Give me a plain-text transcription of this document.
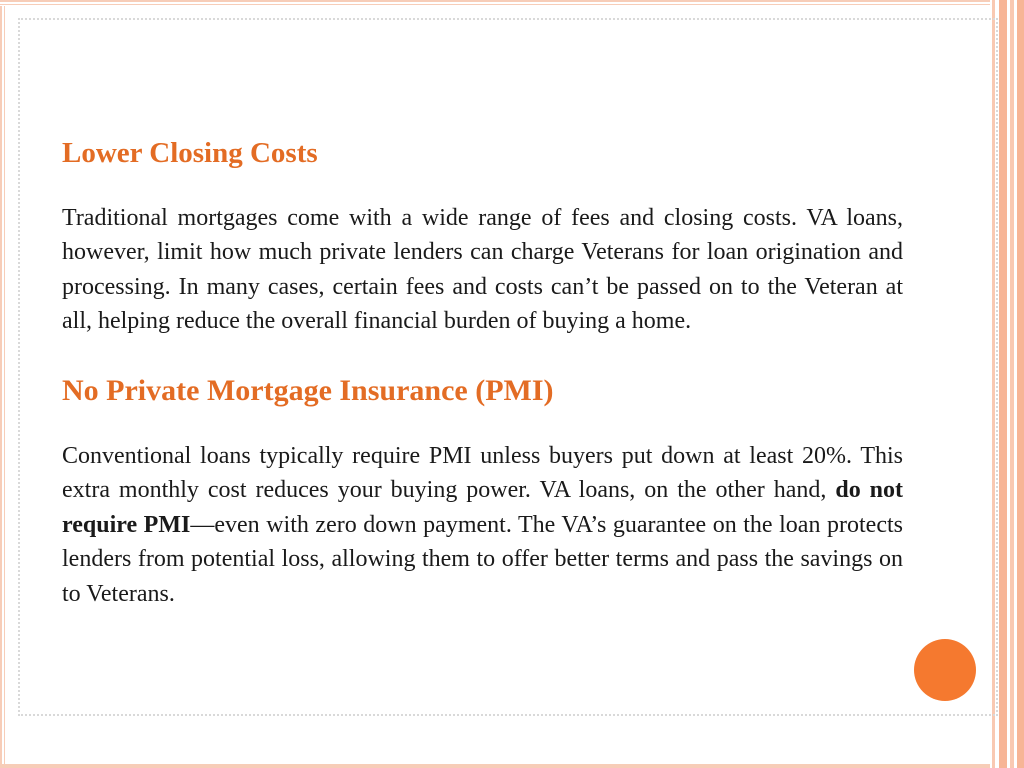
Lower Closing Costs

Traditional mortgages come with a wide range of fees and closing costs. VA loans, however, limit how much private lenders can charge Veterans for loan origination and processing. In many cases, certain fees and costs can’t be passed on to the Veteran at all, helping reduce the overall financial burden of buying a home.

No Private Mortgage Insurance (PMI)

Conventional loans typically require PMI unless buyers put down at least 20%. This extra monthly cost reduces your buying power. VA loans, on the other hand, do not require PMI—even with zero down payment. The VA’s guarantee on the loan protects lenders from potential loss, allowing them to offer better terms and pass the savings on to Veterans.
